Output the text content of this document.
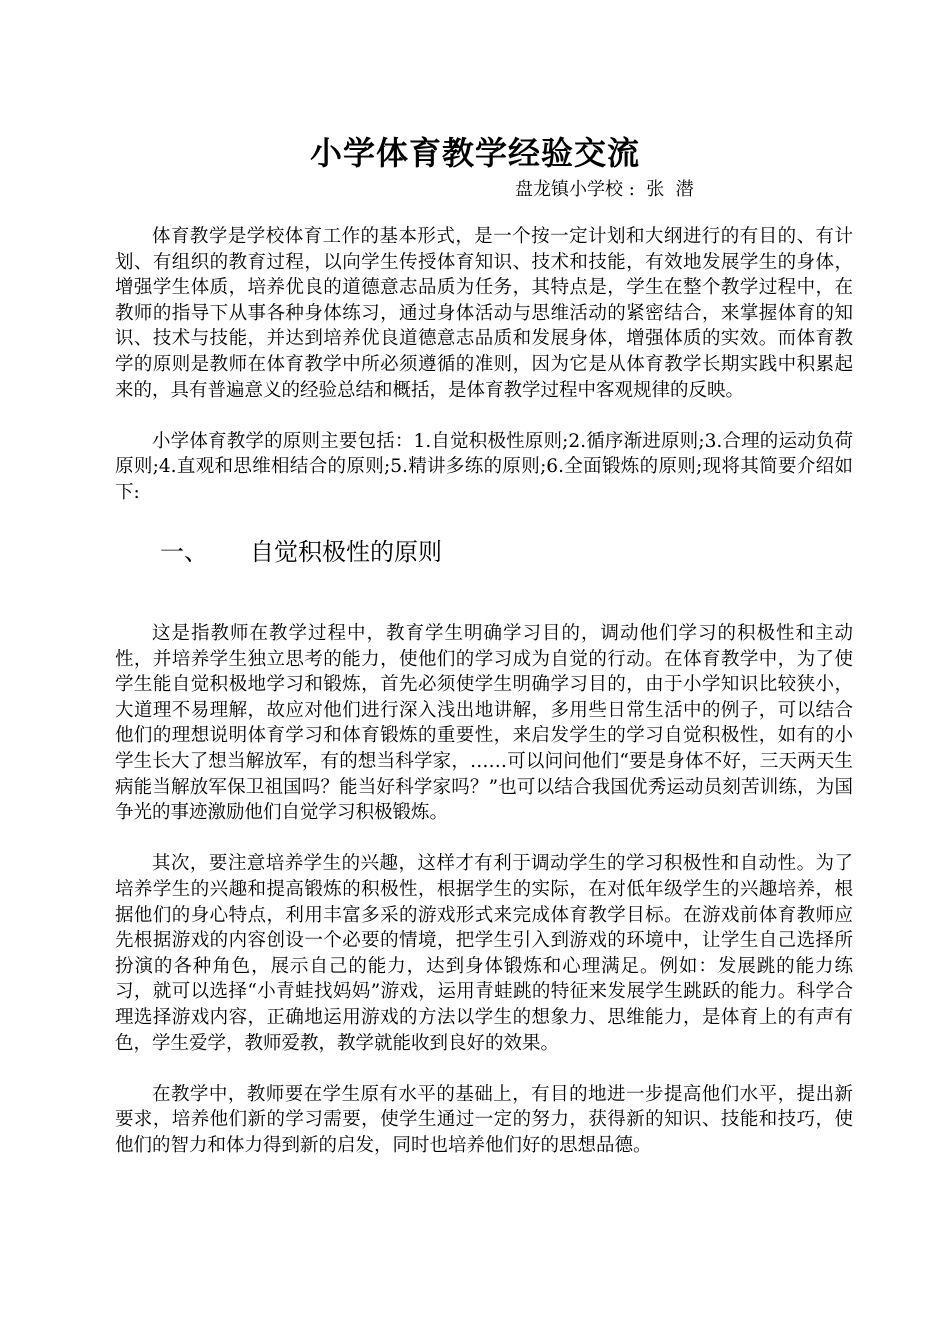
小学体育教学经验交流
盘龙镇小学校 :  张  潜

体育教学是学校体育工作的基本形式，是一个按一定计划和大纲进行的有目的、有计划、有组织的教育过程，以向学生传授体育知识、技术和技能，有效地发展学生的身体，增强学生体质，培养优良的道德意志品质为任务，其特点是，学生在整个教学过程中，在教师的指导下从事各种身体练习，通过身体活动与思维活动的紧密结合，来掌握体育的知识、技术与技能，并达到培养优良道德意志品质和发展身体，增强体质的实效。而体育教学的原则是教师在体育教学中所必须遵循的准则，因为它是从体育教学长期实践中积累起来的，具有普遍意义的经验总结和概括，是体育教学过程中客观规律的反映。

小学体育教学的原则主要包括：1.自觉积极性原则;2.循序渐进原则;3.合理的运动负荷原则;4.直观和思维相结合的原则;5.精讲多练的原则;6.全面锻炼的原则;现将其简要介绍如下:

一、 自觉积极性的原则

这是指教师在教学过程中，教育学生明确学习目的，调动他们学习的积极性和主动性，并培养学生独立思考的能力，使他们的学习成为自觉的行动。在体育教学中，为了使学生能自觉积极地学习和锻炼，首先必须使学生明确学习目的，由于小学知识比较狭小，大道理不易理解，故应对他们进行深入浅出地讲解，多用些日常生活中的例子，可以结合他们的理想说明体育学习和体育锻炼的重要性，来启发学生的学习自觉积极性，如有的小学生长大了想当解放军，有的想当科学家，……可以问问他们“要是身体不好，三天两天生病能当解放军保卫祖国吗？能当好科学家吗？”也可以结合我国优秀运动员刻苦训练，为国争光的事迹激励他们自觉学习积极锻炼。

其次，要注意培养学生的兴趣，这样才有利于调动学生的学习积极性和自动性。为了培养学生的兴趣和提高锻炼的积极性，根据学生的实际，在对低年级学生的兴趣培养，根据他们的身心特点，利用丰富多采的游戏形式来完成体育教学目标。在游戏前体育教师应先根据游戏的内容创设一个必要的情境，把学生引入到游戏的环境中，让学生自己选择所扮演的各种角色，展示自己的能力，达到身体锻炼和心理满足。例如：发展跳的能力练习，就可以选择“小青蛙找妈妈”游戏，运用青蛙跳的特征来发展学生跳跃的能力。科学合理选择游戏内容，正确地运用游戏的方法以学生的想象力、思维能力，是体育上的有声有色，学生爱学，教师爱教，教学就能收到良好的效果。

在教学中，教师要在学生原有水平的基础上，有目的地进一步提高他们水平，提出新要求，培养他们新的学习需要，使学生通过一定的努力，获得新的知识、技能和技巧，使他们的智力和体力得到新的启发，同时也培养他们好的思想品德。
